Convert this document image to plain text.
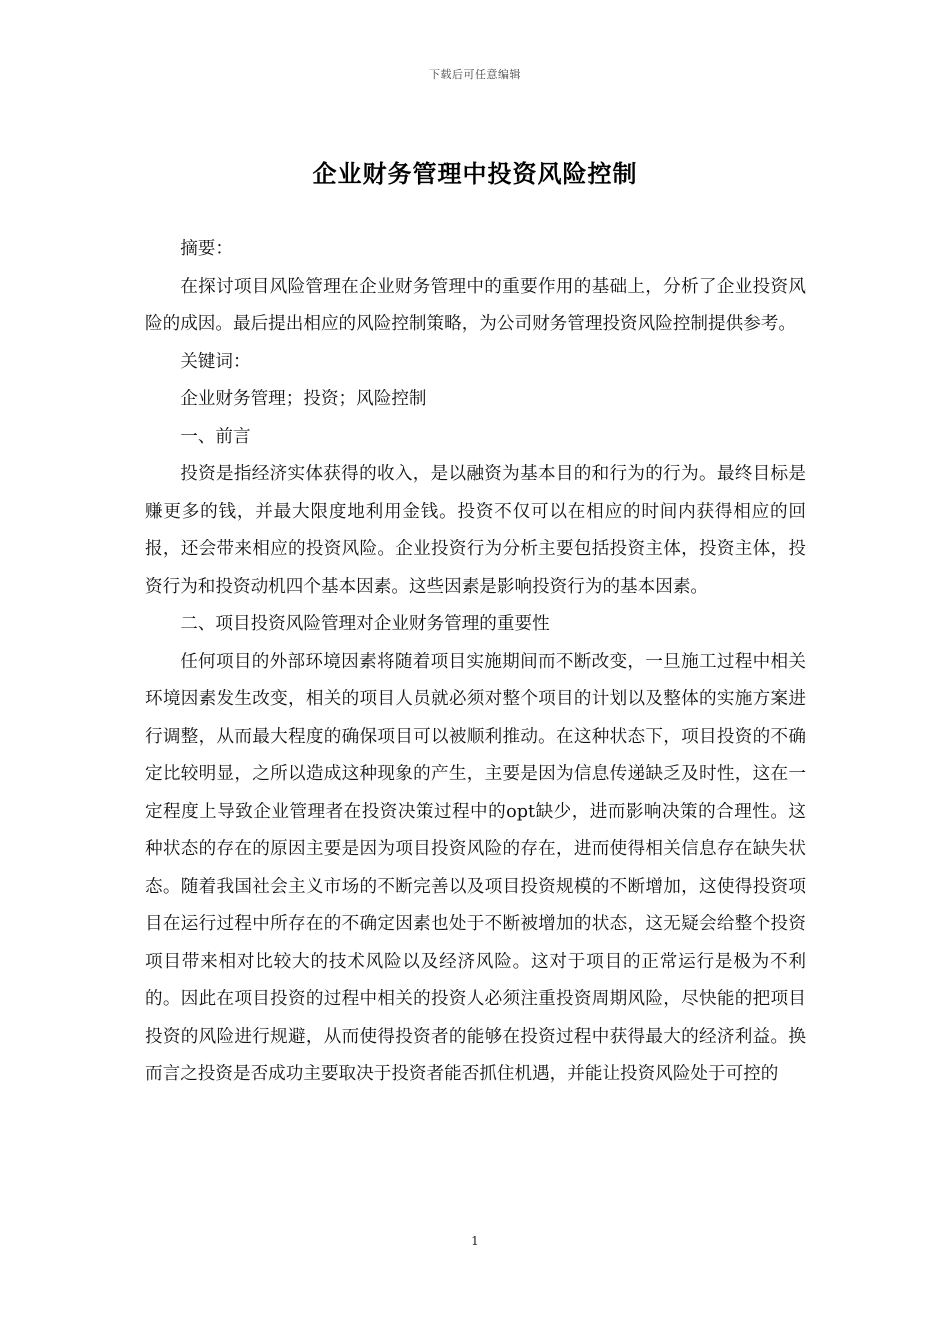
下载后可任意编辑
企业财务管理中投资风险控制

摘要：

在探讨项目风险管理在企业财务管理中的重要作用的基础上，分析了企业投资风险的成因。最后提出相应的风险控制策略，为公司财务管理投资风险控制提供参考。

关键词：

企业财务管理；投资；风险控制

一、前言

投资是指经济实体获得的收入，是以融资为基本目的和行为的行为。最终目标是赚更多的钱，并最大限度地利用金钱。投资不仅可以在相应的时间内获得相应的回报，还会带来相应的投资风险。企业投资行为分析主要包括投资主体，投资主体，投资行为和投资动机四个基本因素。这些因素是影响投资行为的基本因素。

二、项目投资风险管理对企业财务管理的重要性

任何项目的外部环境因素将随着项目实施期间而不断改变，一旦施工过程中相关环境因素发生改变，相关的项目人员就必须对整个项目的计划以及整体的实施方案进行调整，从而最大程度的确保项目可以被顺利推动。在这种状态下，项目投资的不确定比较明显，之所以造成这种现象的产生，主要是因为信息传递缺乏及时性，这在一定程度上导致企业管理者在投资决策过程中的opt缺少，进而影响决策的合理性。这种状态的存在的原因主要是因为项目投资风险的存在，进而使得相关信息存在缺失状态。随着我国社会主义市场的不断完善以及项目投资规模的不断增加，这使得投资项目在运行过程中所存在的不确定因素也处于不断被增加的状态，这无疑会给整个投资项目带来相对比较大的技术风险以及经济风险。这对于项目的正常运行是极为不利的。因此在项目投资的过程中相关的投资人必须注重投资周期风险，尽快能的把项目投资的风险进行规避，从而使得投资者的能够在投资过程中获得最大的经济利益。换而言之投资是否成功主要取决于投资者能否抓住机遇，并能让投资风险处于可控的

1
